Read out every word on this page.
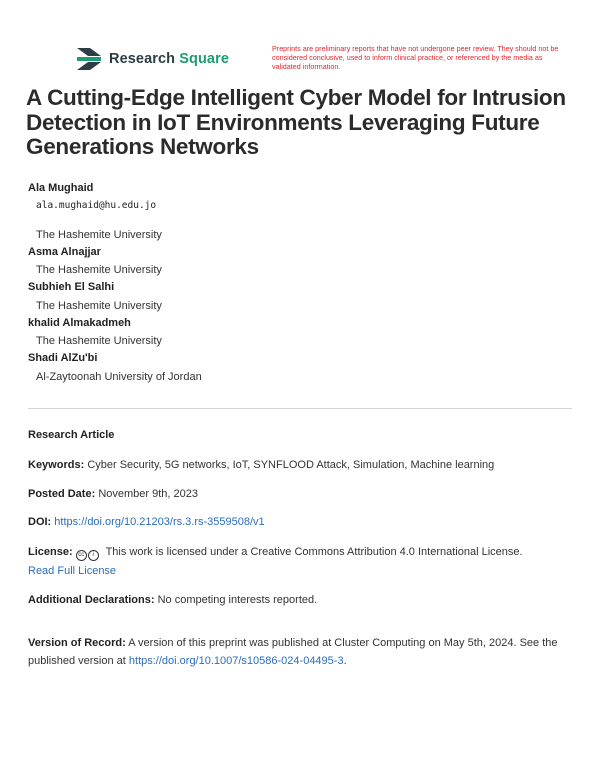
Research Square
Preprints are preliminary reports that have not undergone peer review. They should not be considered conclusive, used to inform clinical practice, or referenced by the media as validated information.
A Cutting-Edge Intelligent Cyber Model for Intrusion Detection in IoT Environments Leveraging Future Generations Networks
Ala Mughaid
ala.mughaid@hu.edu.jo
The Hashemite University
Asma Alnajjar
The Hashemite University
Subhieh El Salhi
The Hashemite University
khalid Almakadmeh
The Hashemite University
Shadi AlZu'bi
Al-Zaytoonah University of Jordan
Research Article
Keywords: Cyber Security, 5G networks, IoT, SYNFLOOD Attack, Simulation, Machine learning
Posted Date: November 9th, 2023
DOI: https://doi.org/10.21203/rs.3.rs-3559508/v1
License: cc i This work is licensed under a Creative Commons Attribution 4.0 International License.
Read Full License
Additional Declarations: No competing interests reported.
Version of Record: A version of this preprint was published at Cluster Computing on May 5th, 2024. See the published version at https://doi.org/10.1007/s10586-024-04495-3.
